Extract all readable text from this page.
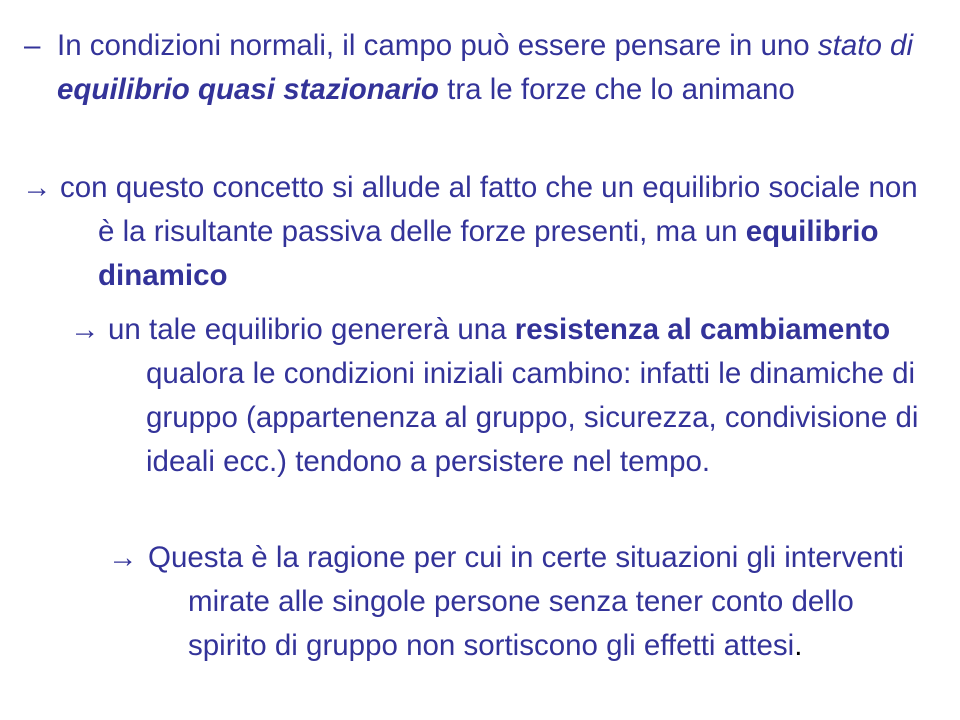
– In condizioni normali, il campo può essere pensare in uno stato di equilibrio quasi stazionario tra le forze che lo animano

→ con questo concetto si allude al fatto che un equilibrio sociale non è la risultante passiva delle forze presenti, ma un equilibrio dinamico

→ un tale equilibrio genererà una resistenza al cambiamento qualora le condizioni iniziali cambino: infatti le dinamiche di gruppo (appartenenza al gruppo, sicurezza, condivisione di ideali ecc.) tendono a persistere nel tempo.

→ Questa è la ragione per cui in certe situazioni gli interventi mirate alle singole persone senza tener conto dello spirito di gruppo non sortiscono gli effetti attesi.
